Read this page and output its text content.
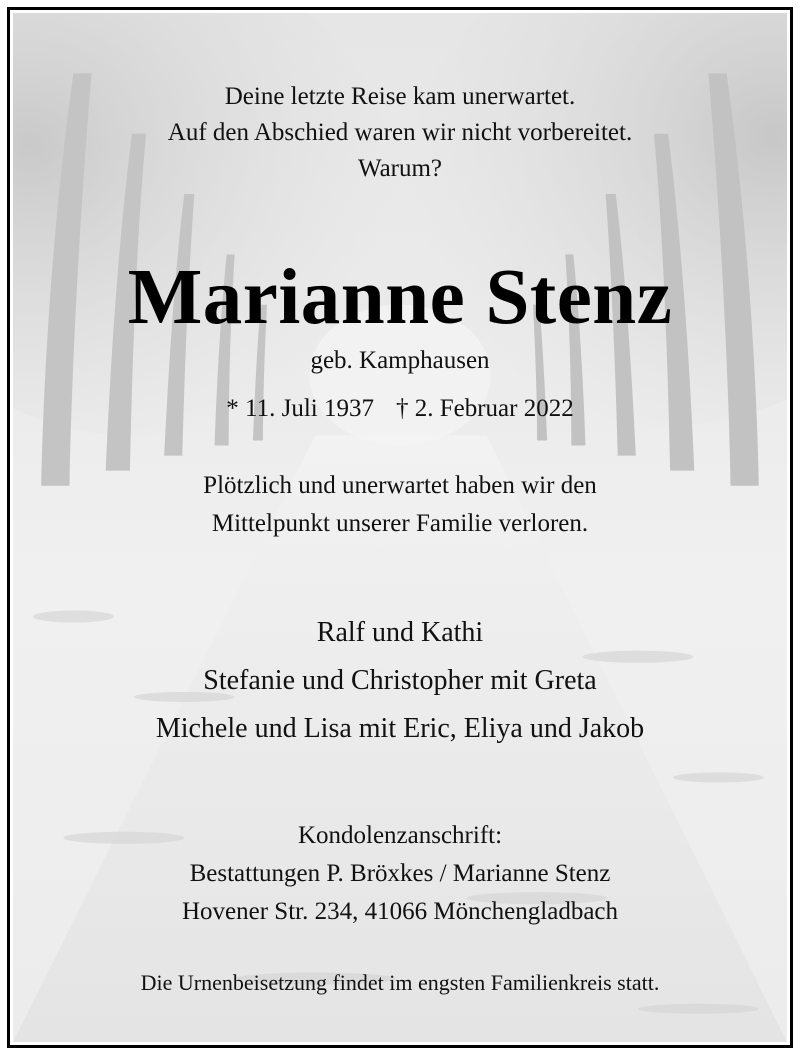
Deine letzte Reise kam unerwartet.
Auf den Abschied waren wir nicht vorbereitet.
Warum?

Marianne Stenz

geb. Kamphausen

* 11. Juli 1937 † 2. Februar 2022

Plötzlich und unerwartet haben wir den
Mittelpunkt unserer Familie verloren.

Ralf und Kathi
Stefanie und Christopher mit Greta
Michele und Lisa mit Eric, Eliya und Jakob

Kondolenzanschrift:
Bestattungen P. Bröxkes / Marianne Stenz
Hovener Str. 234, 41066 Mönchengladbach

Die Urnenbeisetzung findet im engsten Familienkreis statt.
